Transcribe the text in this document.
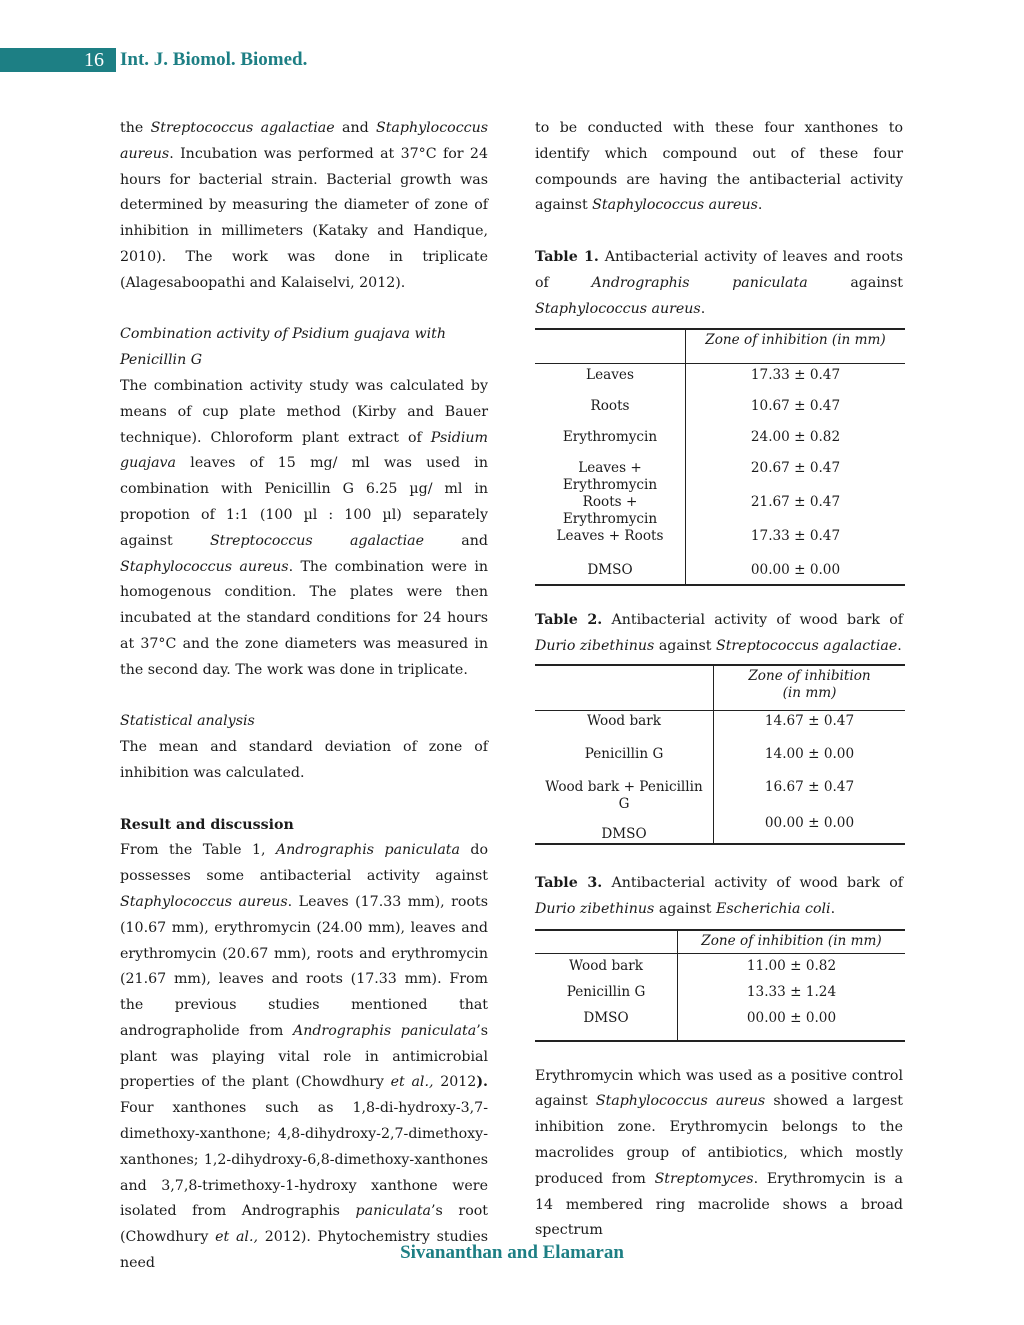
16 Int. J. Biomol. Biomed.

the Streptococcus agalactiae and Staphylococcus aureus. Incubation was performed at 37°C for 24 hours for bacterial strain. Bacterial growth was determined by measuring the diameter of zone of inhibition in millimeters (Kataky and Handique, 2010). The work was done in triplicate (Alagesaboopathi and Kalaiselvi, 2012).

Combination activity of Psidium guajava with Penicillin G

The combination activity study was calculated by means of cup plate method (Kirby and Bauer technique). Chloroform plant extract of Psidium guajava leaves of 15 mg/ ml was used in combination with Penicillin G 6.25 µg/ ml in propotion of 1:1 (100 µl : 100 µl) separately against Streptococcus agalactiae and Staphylococcus aureus. The combination were in homogenous condition. The plates were then incubated at the standard conditions for 24 hours at 37°C and the zone diameters was measured in the second day. The work was done in triplicate.

Statistical analysis

The mean and standard deviation of zone of inhibition was calculated.

Result and discussion

From the Table 1, Andrographis paniculata do possesses some antibacterial activity against Staphylococcus aureus. Leaves (17.33 mm), roots (10.67 mm), erythromycin (24.00 mm), leaves and erythromycin (20.67 mm), roots and erythromycin (21.67 mm), leaves and roots (17.33 mm). From the previous studies mentioned that andrographolide from Andrographis paniculata’s plant was playing vital role in antimicrobial properties of the plant (Chowdhury et al., 2012). Four xanthones such as 1,8-di-hydroxy-3,7-dimethoxy-xanthone; 4,8-dihydroxy-2,7-dimethoxy-xanthones; 1,2-dihydroxy-6,8-dimethoxy-xanthones and 3,7,8-trimethoxy-1-hydroxy xanthone were isolated from Andrographis paniculata’s root (Chowdhury et al., 2012). Phytochemistry studies need

to be conducted with these four xanthones to identify which compound out of these four compounds are having the antibacterial activity against Staphylococcus aureus.

Table 1. Antibacterial activity of leaves and roots of Andrographis paniculata against Staphylococcus aureus.

	Zone of inhibition (in mm)
Leaves	17.33 ± 0.47
Roots	10.67 ± 0.47
Erythromycin	24.00 ± 0.82
Leaves + Erythromycin	20.67 ± 0.47
Roots + Erythromycin	21.67 ± 0.47
Leaves + Roots	17.33 ± 0.47
DMSO	00.00 ± 0.00

Table 2. Antibacterial activity of wood bark of Durio zibethinus against Streptococcus agalactiae.

	Zone of inhibition (in mm)
Wood bark	14.67 ± 0.47
Penicillin G	14.00 ± 0.00
Wood bark + Penicillin G	16.67 ± 0.47
DMSO	00.00 ± 0.00

Table 3. Antibacterial activity of wood bark of Durio zibethinus against Escherichia coli.

	Zone of inhibition (in mm)
Wood bark	11.00 ± 0.82
Penicillin G	13.33 ± 1.24
DMSO	00.00 ± 0.00

Erythromycin which was used as a positive control against Staphylococcus aureus showed a largest inhibition zone. Erythromycin belongs to the macrolides group of antibiotics, which mostly produced from Streptomyces. Erythromycin is a 14 membered ring macrolide shows a broad spectrum

Sivananthan and Elamaran
